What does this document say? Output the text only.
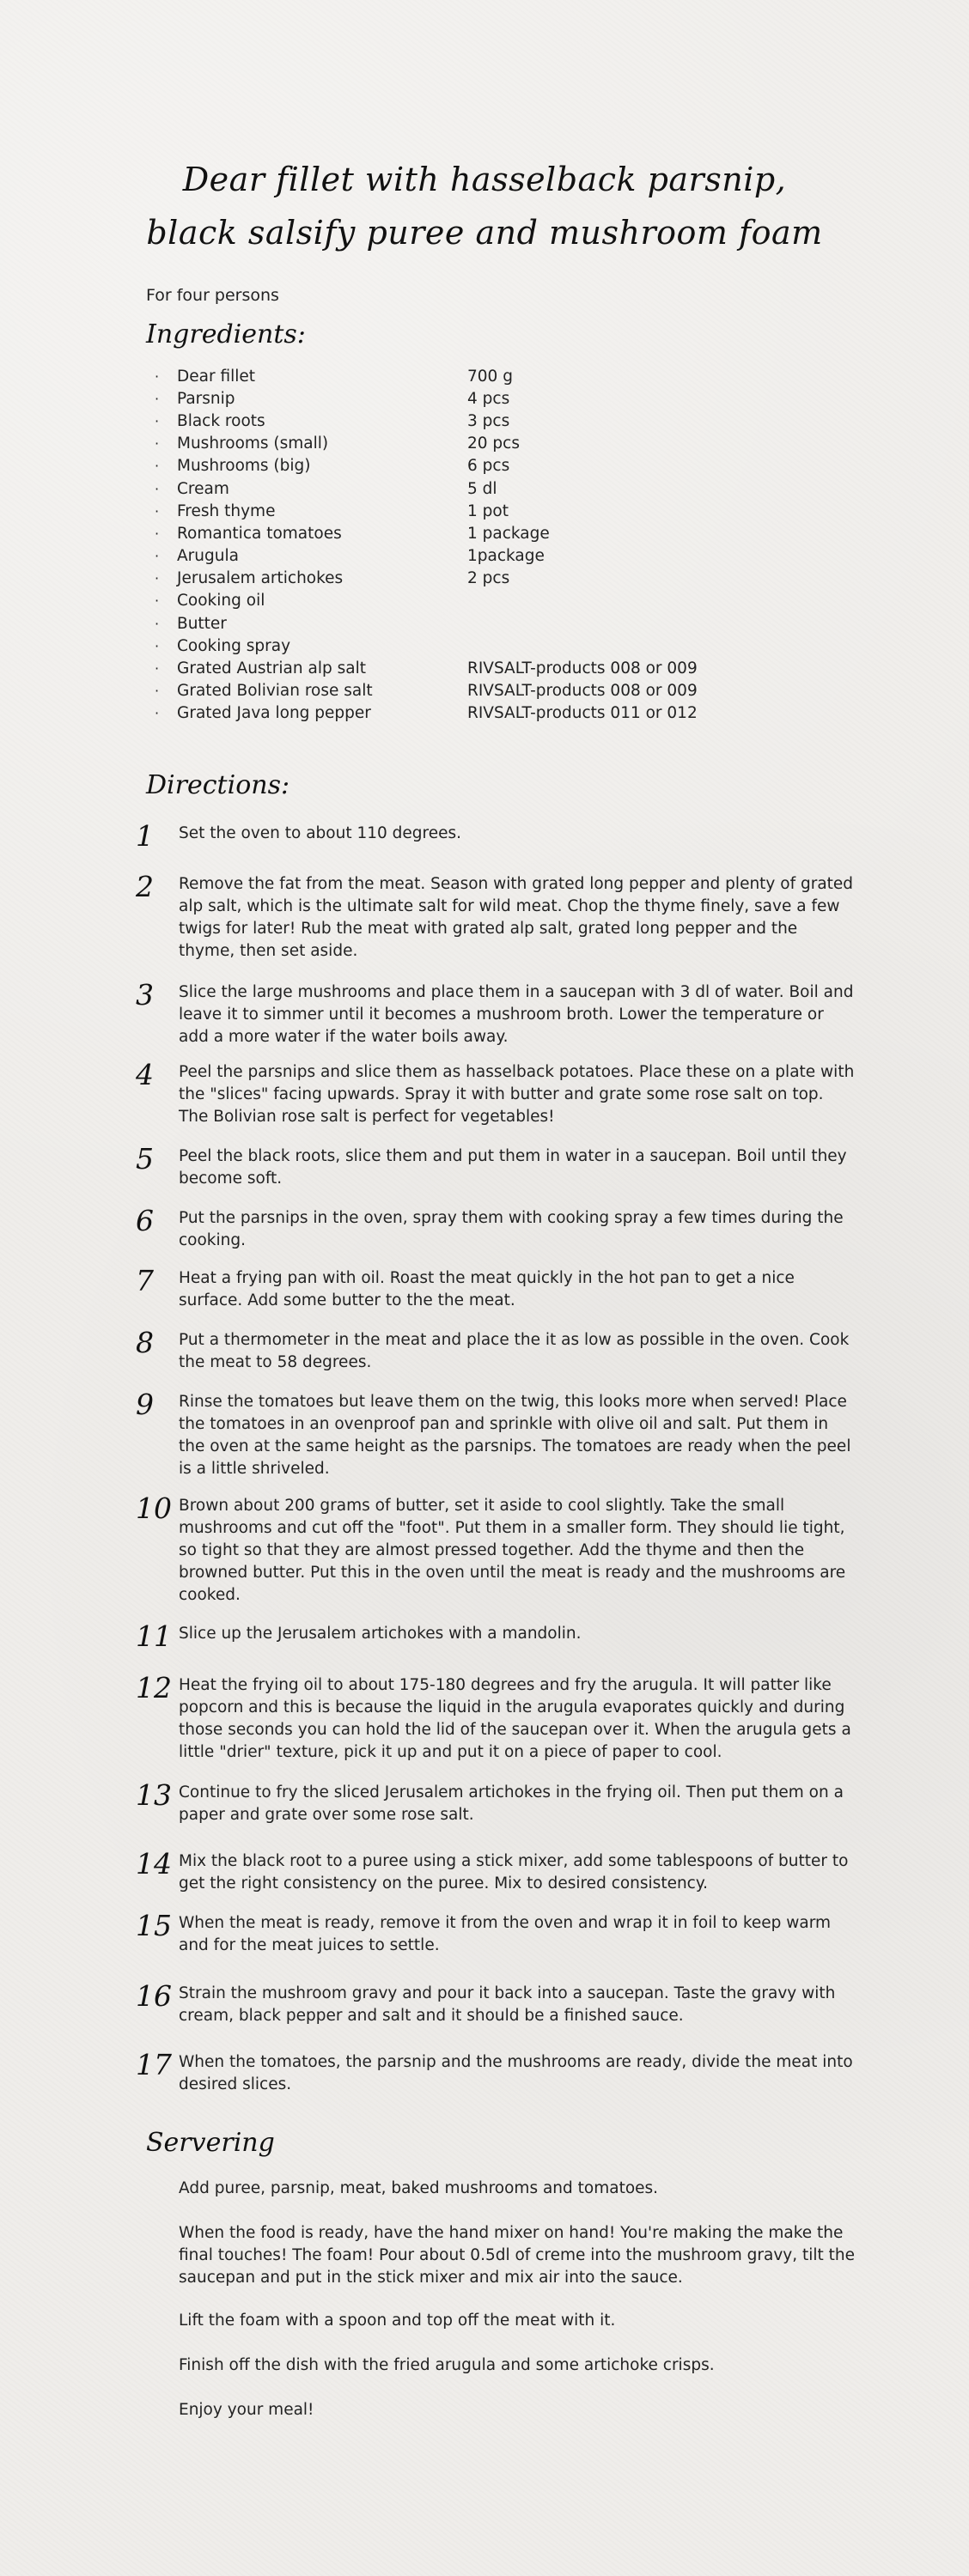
Dear fillet with hasselback parsnip,
black salsify puree and mushroom foam
For four persons
Ingredients:
·	Dear fillet	700 g
·	Parsnip	4 pcs
·	Black roots	3 pcs
·	Mushrooms (small)	20 pcs
·	Mushrooms (big)	6 pcs
·	Cream	5 dl
·	Fresh thyme	1 pot
·	Romantica tomatoes	1 package
·	Arugula	1package
·	Jerusalem artichokes	2 pcs
·	Cooking oil
·	Butter
·	Cooking spray
·	Grated Austrian alp salt	RIVSALT-products 008 or 009
·	Grated Bolivian rose salt	RIVSALT-products 008 or 009
·	Grated Java long pepper	RIVSALT-products 011 or 012
Directions:
1	Set the oven to about 110 degrees.
2	Remove the fat from the meat. Season with grated long pepper and plenty of grated alp salt, which is the ultimate salt for wild meat. Chop the thyme finely, save a few twigs for later! Rub the meat with grated alp salt, grated long pepper and the thyme, then set aside.
3	Slice the large mushrooms and place them in a saucepan with 3 dl of water. Boil and leave it to simmer until it becomes a mushroom broth. Lower the temperature or add a more water if the water boils away.
4	Peel the parsnips and slice them as hasselback potatoes. Place these on a plate with the "slices" facing upwards. Spray it with butter and grate some rose salt on top. The Bolivian rose salt is perfect for vegetables!
5	Peel the black roots, slice them and put them in water in a saucepan. Boil until they become soft.
6	Put the parsnips in the oven, spray them with cooking spray a few times during the cooking.
7	Heat a frying pan with oil. Roast the meat quickly in the hot pan to get a nice surface. Add some butter to the the meat.
8	Put a thermometer in the meat and place the it as low as possible in the oven. Cook the meat to 58 degrees.
9	Rinse the tomatoes but leave them on the twig, this looks more when served! Place the tomatoes in an ovenproof pan and sprinkle with olive oil and salt. Put them in the oven at the same height as the parsnips. The tomatoes are ready when the peel is a little shriveled.
10 Brown about 200 grams of butter, set it aside to cool slightly. Take the small mushrooms and cut off the "foot". Put them in a smaller form. They should lie tight, so tight so that they are almost pressed together. Add the thyme and then the browned butter. Put this in the oven until the meat is ready and the mushrooms are cooked.
11 Slice up the Jerusalem artichokes with a mandolin.
12 Heat the frying oil to about 175-180 degrees and fry the arugula. It will patter like popcorn and this is because the liquid in the arugula evaporates quickly and during those seconds you can hold the lid of the saucepan over it. When the arugula gets a little "drier" texture, pick it up and put it on a piece of paper to cool.
13 Continue to fry the sliced Jerusalem artichokes in the frying oil. Then put them on a paper and grate over some rose salt.
14 Mix the black root to a puree using a stick mixer, add some tablespoons of butter to get the right consistency on the puree. Mix to desired consistency.
15 When the meat is ready, remove it from the oven and wrap it in foil to keep warm and for the meat juices to settle.
16 Strain the mushroom gravy and pour it back into a saucepan. Taste the gravy with cream, black pepper and salt and it should be a finished sauce.
17 When the tomatoes, the parsnip and the mushrooms are ready, divide the meat into desired slices.
Servering
Add puree, parsnip, meat, baked mushrooms and tomatoes.
When the food is ready, have the hand mixer on hand! You're making the make the final touches! The foam! Pour about 0.5dl of creme into the mushroom gravy, tilt the saucepan and put in the stick mixer and mix air into the sauce.
Lift the foam with a spoon and top off the meat with it.
Finish off the dish with the fried arugula and some artichoke crisps.
Enjoy your meal!
